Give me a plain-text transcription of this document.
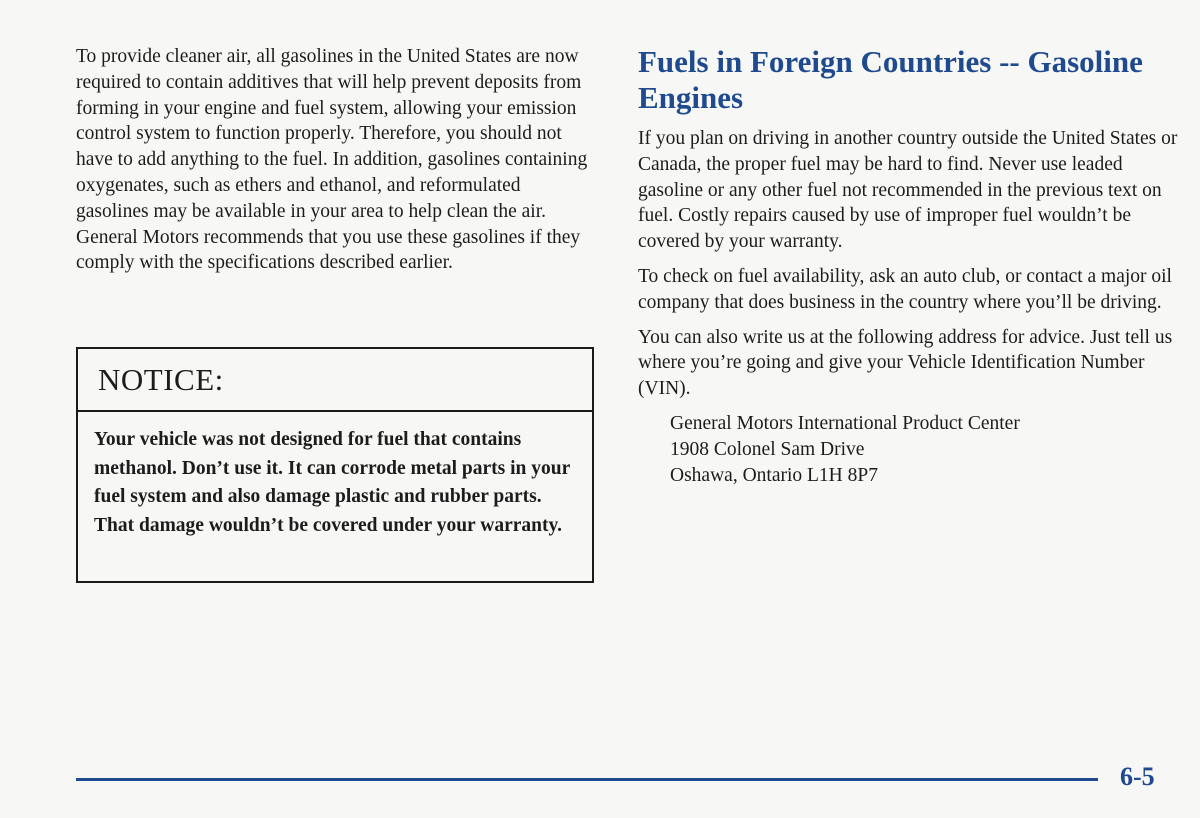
To provide cleaner air, all gasolines in the United States are now required to contain additives that will help prevent deposits from forming in your engine and fuel system, allowing your emission control system to function properly. Therefore, you should not have to add anything to the fuel. In addition, gasolines containing oxygenates, such as ethers and ethanol, and reformulated gasolines may be available in your area to help clean the air. General Motors recommends that you use these gasolines if they comply with the specifications described earlier.

NOTICE:

Your vehicle was not designed for fuel that contains methanol. Don’t use it. It can corrode metal parts in your fuel system and also damage plastic and rubber parts. That damage wouldn’t be covered under your warranty.

Fuels in Foreign Countries -- Gasoline Engines

If you plan on driving in another country outside the United States or Canada, the proper fuel may be hard to find. Never use leaded gasoline or any other fuel not recommended in the previous text on fuel. Costly repairs caused by use of improper fuel wouldn’t be covered by your warranty.

To check on fuel availability, ask an auto club, or contact a major oil company that does business in the country where you’ll be driving.

You can also write us at the following address for advice. Just tell us where you’re going and give your Vehicle Identification Number (VIN).

General Motors International Product Center
1908 Colonel Sam Drive
Oshawa, Ontario L1H 8P7
6-5
